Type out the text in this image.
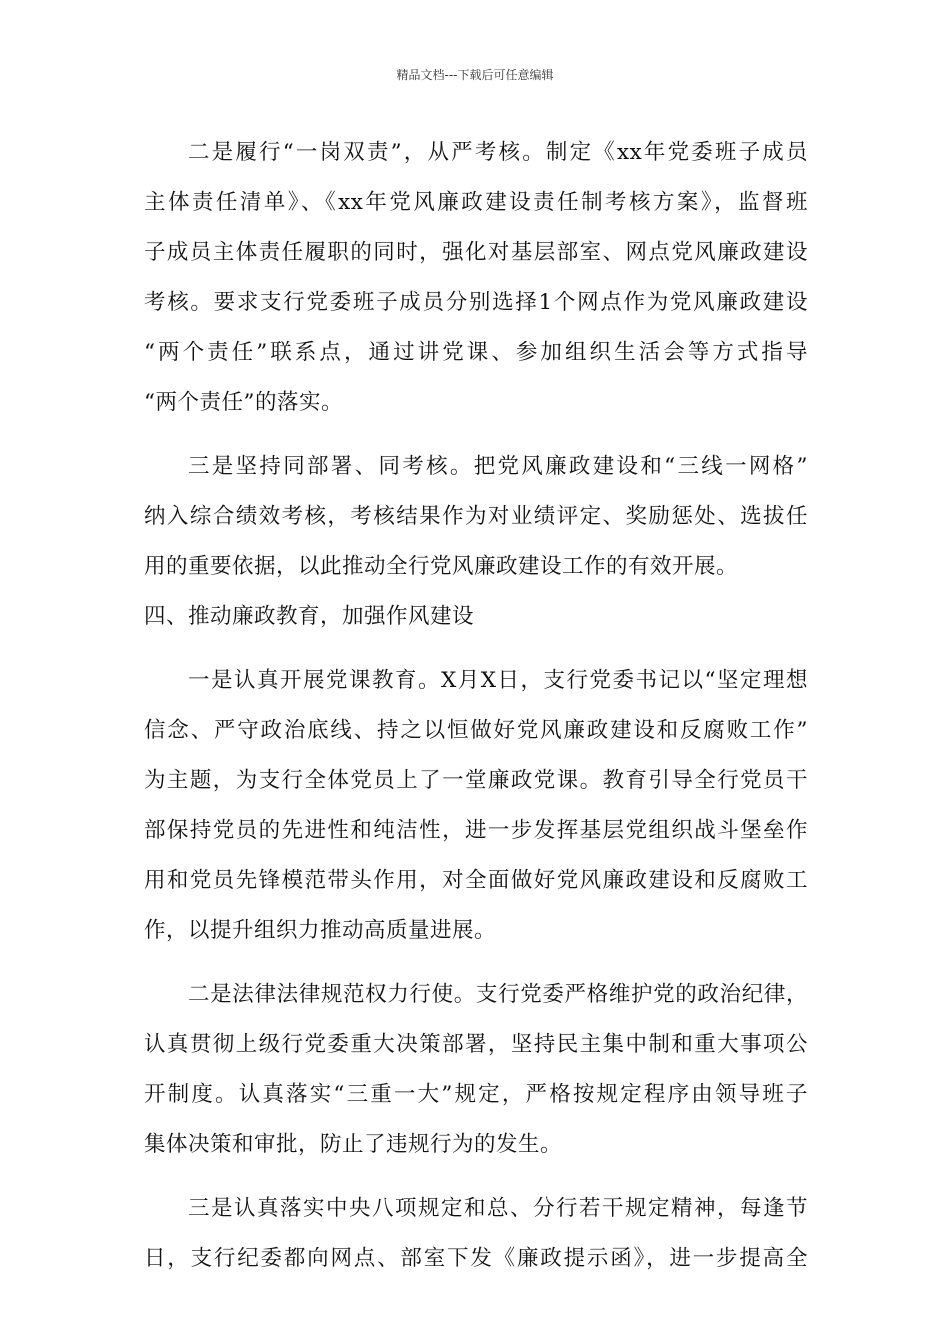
精品文档---下载后可任意编辑
二是履行“一岗双责”，从严考核。制定《xx年党委班子成员
主体责任清单》、《xx年党风廉政建设责任制考核方案》，监督班
子成员主体责任履职的同时，强化对基层部室、网点党风廉政建设
考核。要求支行党委班子成员分别选择1个网点作为党风廉政建设
“两个责任”联系点，通过讲党课、参加组织生活会等方式指导
“两个责任”的落实。
三是坚持同部署、同考核。把党风廉政建设和“三线一网格”
纳入综合绩效考核，考核结果作为对业绩评定、奖励惩处、选拔任
用的重要依据，以此推动全行党风廉政建设工作的有效开展。
四、推动廉政教育，加强作风建设
一是认真开展党课教育。X月X日，支行党委书记以“坚定理想
信念、严守政治底线、持之以恒做好党风廉政建设和反腐败工作”
为主题，为支行全体党员上了一堂廉政党课。教育引导全行党员干
部保持党员的先进性和纯洁性，进一步发挥基层党组织战斗堡垒作
用和党员先锋模范带头作用，对全面做好党风廉政建设和反腐败工
作，以提升组织力推动高质量进展。
二是法律法律规范权力行使。支行党委严格维护党的政治纪律，
认真贯彻上级行党委重大决策部署，坚持民主集中制和重大事项公
开制度。认真落实“三重一大”规定，严格按规定程序由领导班子
集体决策和审批，防止了违规行为的发生。
三是认真落实中央八项规定和总、分行若干规定精神，每逢节
日，支行纪委都向网点、部室下发《廉政提示函》，进一步提高全
